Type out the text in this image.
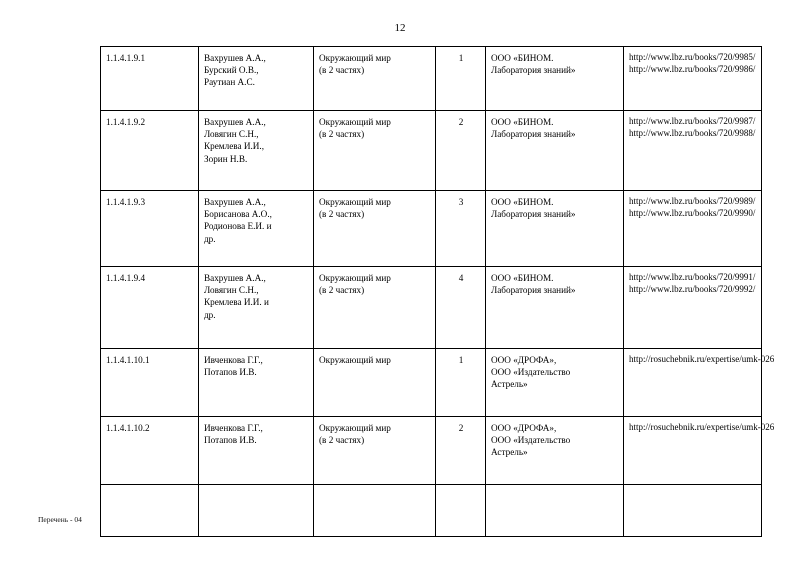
12
1.1.4.1.9.1	Вахрушев А.А.,
Бурский О.В.,
Раутиан А.С.	Окружающий мир
(в 2 частях)	1	ООО «БИНОМ.
Лаборатория знаний»	http://www.lbz.ru/books/720/9985/
http://www.lbz.ru/books/720/9986/

1.1.4.1.9.2	Вахрушев А.А.,
Ловягин С.Н.,
Кремлева И.И.,
Зорин Н.В.	Окружающий мир
(в 2 частях)	2	ООО «БИНОМ.
Лаборатория знаний»	http://www.lbz.ru/books/720/9987/
http://www.lbz.ru/books/720/9988/

1.1.4.1.9.3	Вахрушев А.А.,
Борисанова А.О.,
Родионова Е.И. и
др.	Окружающий мир
(в 2 частях)	3	ООО «БИНОМ.
Лаборатория знаний»	http://www.lbz.ru/books/720/9989/
http://www.lbz.ru/books/720/9990/

1.1.4.1.9.4	Вахрушев А.А.,
Ловягин С.Н.,
Кремлева И.И. и
др.	Окружающий мир
(в 2 частях)	4	ООО «БИНОМ.
Лаборатория знаний»	http://www.lbz.ru/books/720/9991/
http://www.lbz.ru/books/720/9992/

1.1.4.1.10.1	Ивченкова Г.Г.,
Потапов И.В.	Окружающий мир	1	ООО «ДРОФА»,
ООО «Издательство
Астрель»	http://rosuchebnik.ru/expertise/umk-026

1.1.4.1.10.2	Ивченкова Г.Г.,
Потапов И.В.	Окружающий мир
(в 2 частях)	2	ООО «ДРОФА»,
ООО «Издательство
Астрель»	http://rosuchebnik.ru/expertise/umk-026

Перечень - 04
